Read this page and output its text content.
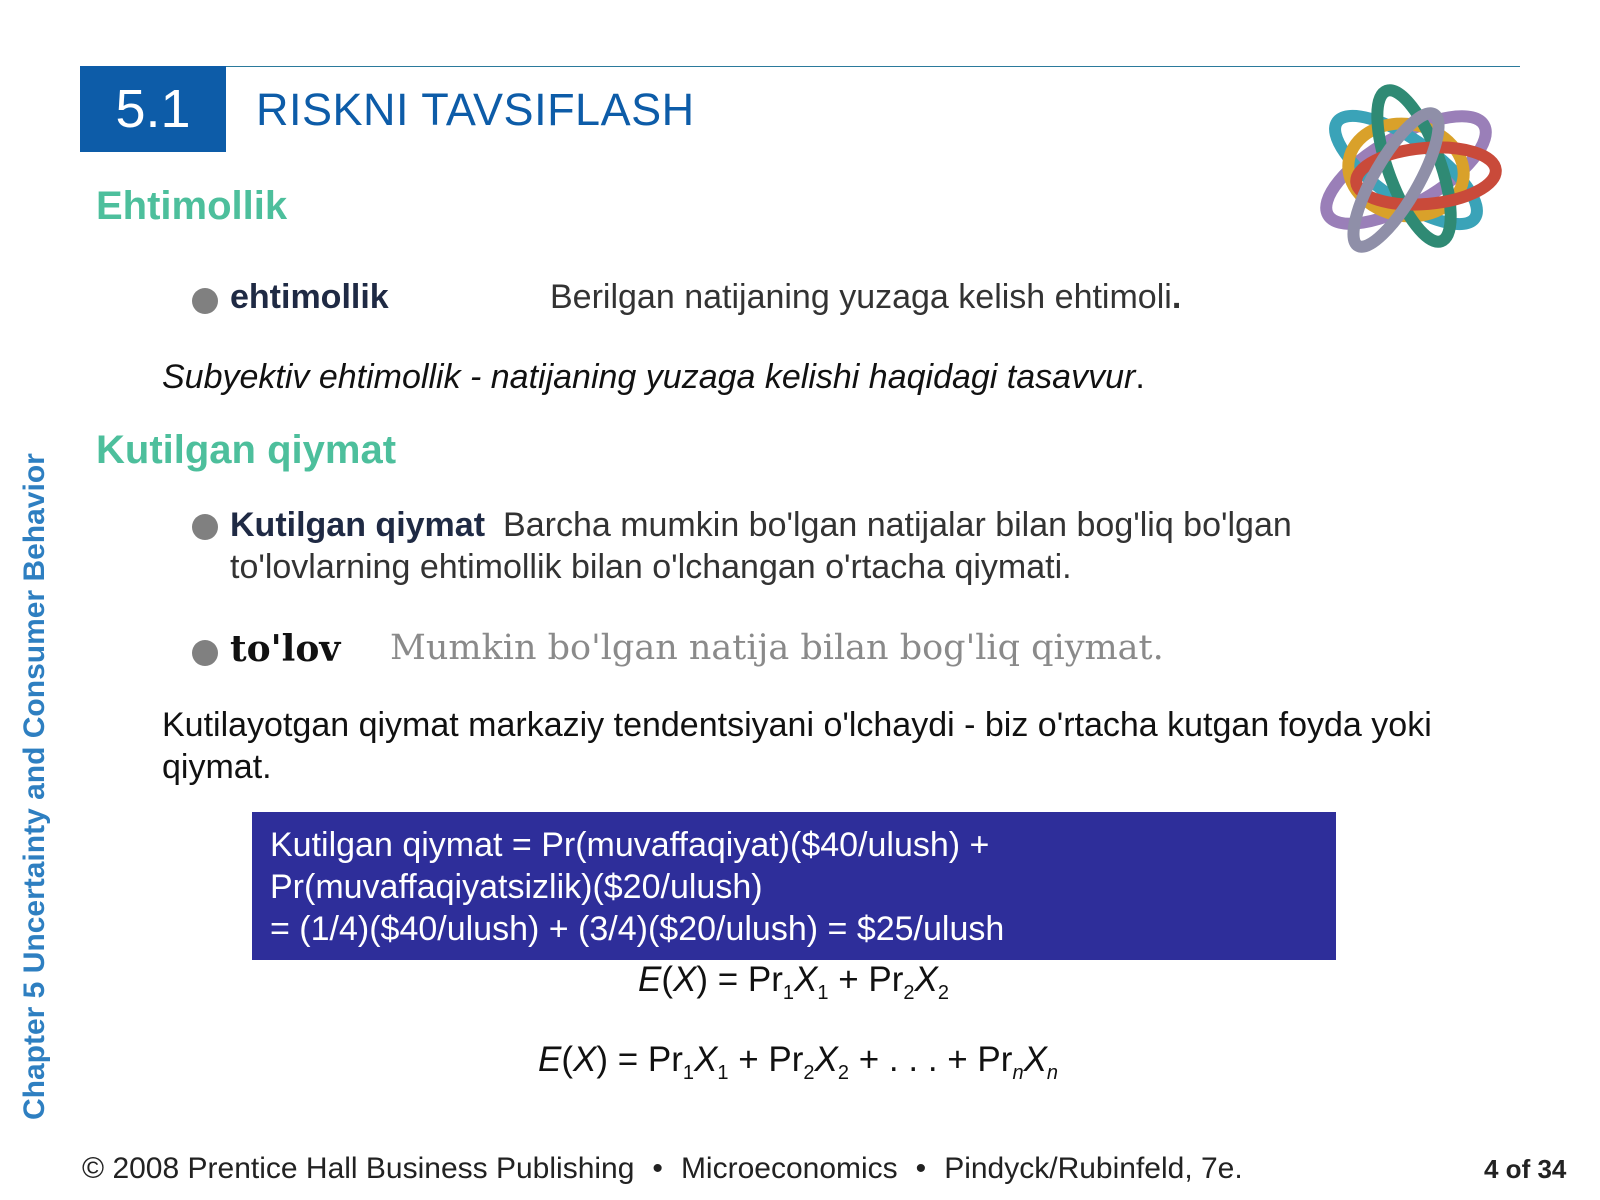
5.1 RISKNI TAVSIFLASH
Ehtimollik
ehtimollik	Berilgan natijaning yuzaga kelish ehtimoli.
Subyektiv ehtimollik - natijaning yuzaga kelishi haqidagi tasavvur.
Kutilgan qiymat
Kutilgan qiymat Barcha mumkin bo'lgan natijalar bilan bog'liq bo'lgan to'lovlarning ehtimollik bilan o'lchangan o'rtacha qiymati.
to'lov Mumkin bo'lgan natija bilan bog'liq qiymat.
Kutilayotgan qiymat markaziy tendentsiyani o'lchaydi - biz o'rtacha kutgan foyda yoki qiymat.
Kutilgan qiymat = Pr(muvaffaqiyat)($40/ulush) +
Pr(muvaffaqiyatsizlik)($20/ulush)
= (1/4)($40/ulush) + (3/4)($20/ulush) = $25/ulush
$E(X) = Pr_1X_1 + Pr_2X_2$
$E(X) = Pr_1X_1 + Pr_2X_2$ + . . . + $Pr_nX_n$
Chapter 5 Uncertainty and Consumer Behavior
© 2008 Prentice Hall Business Publishing • Microeconomics • Pindyck/Rubinfeld, 7e.	4 of 34
